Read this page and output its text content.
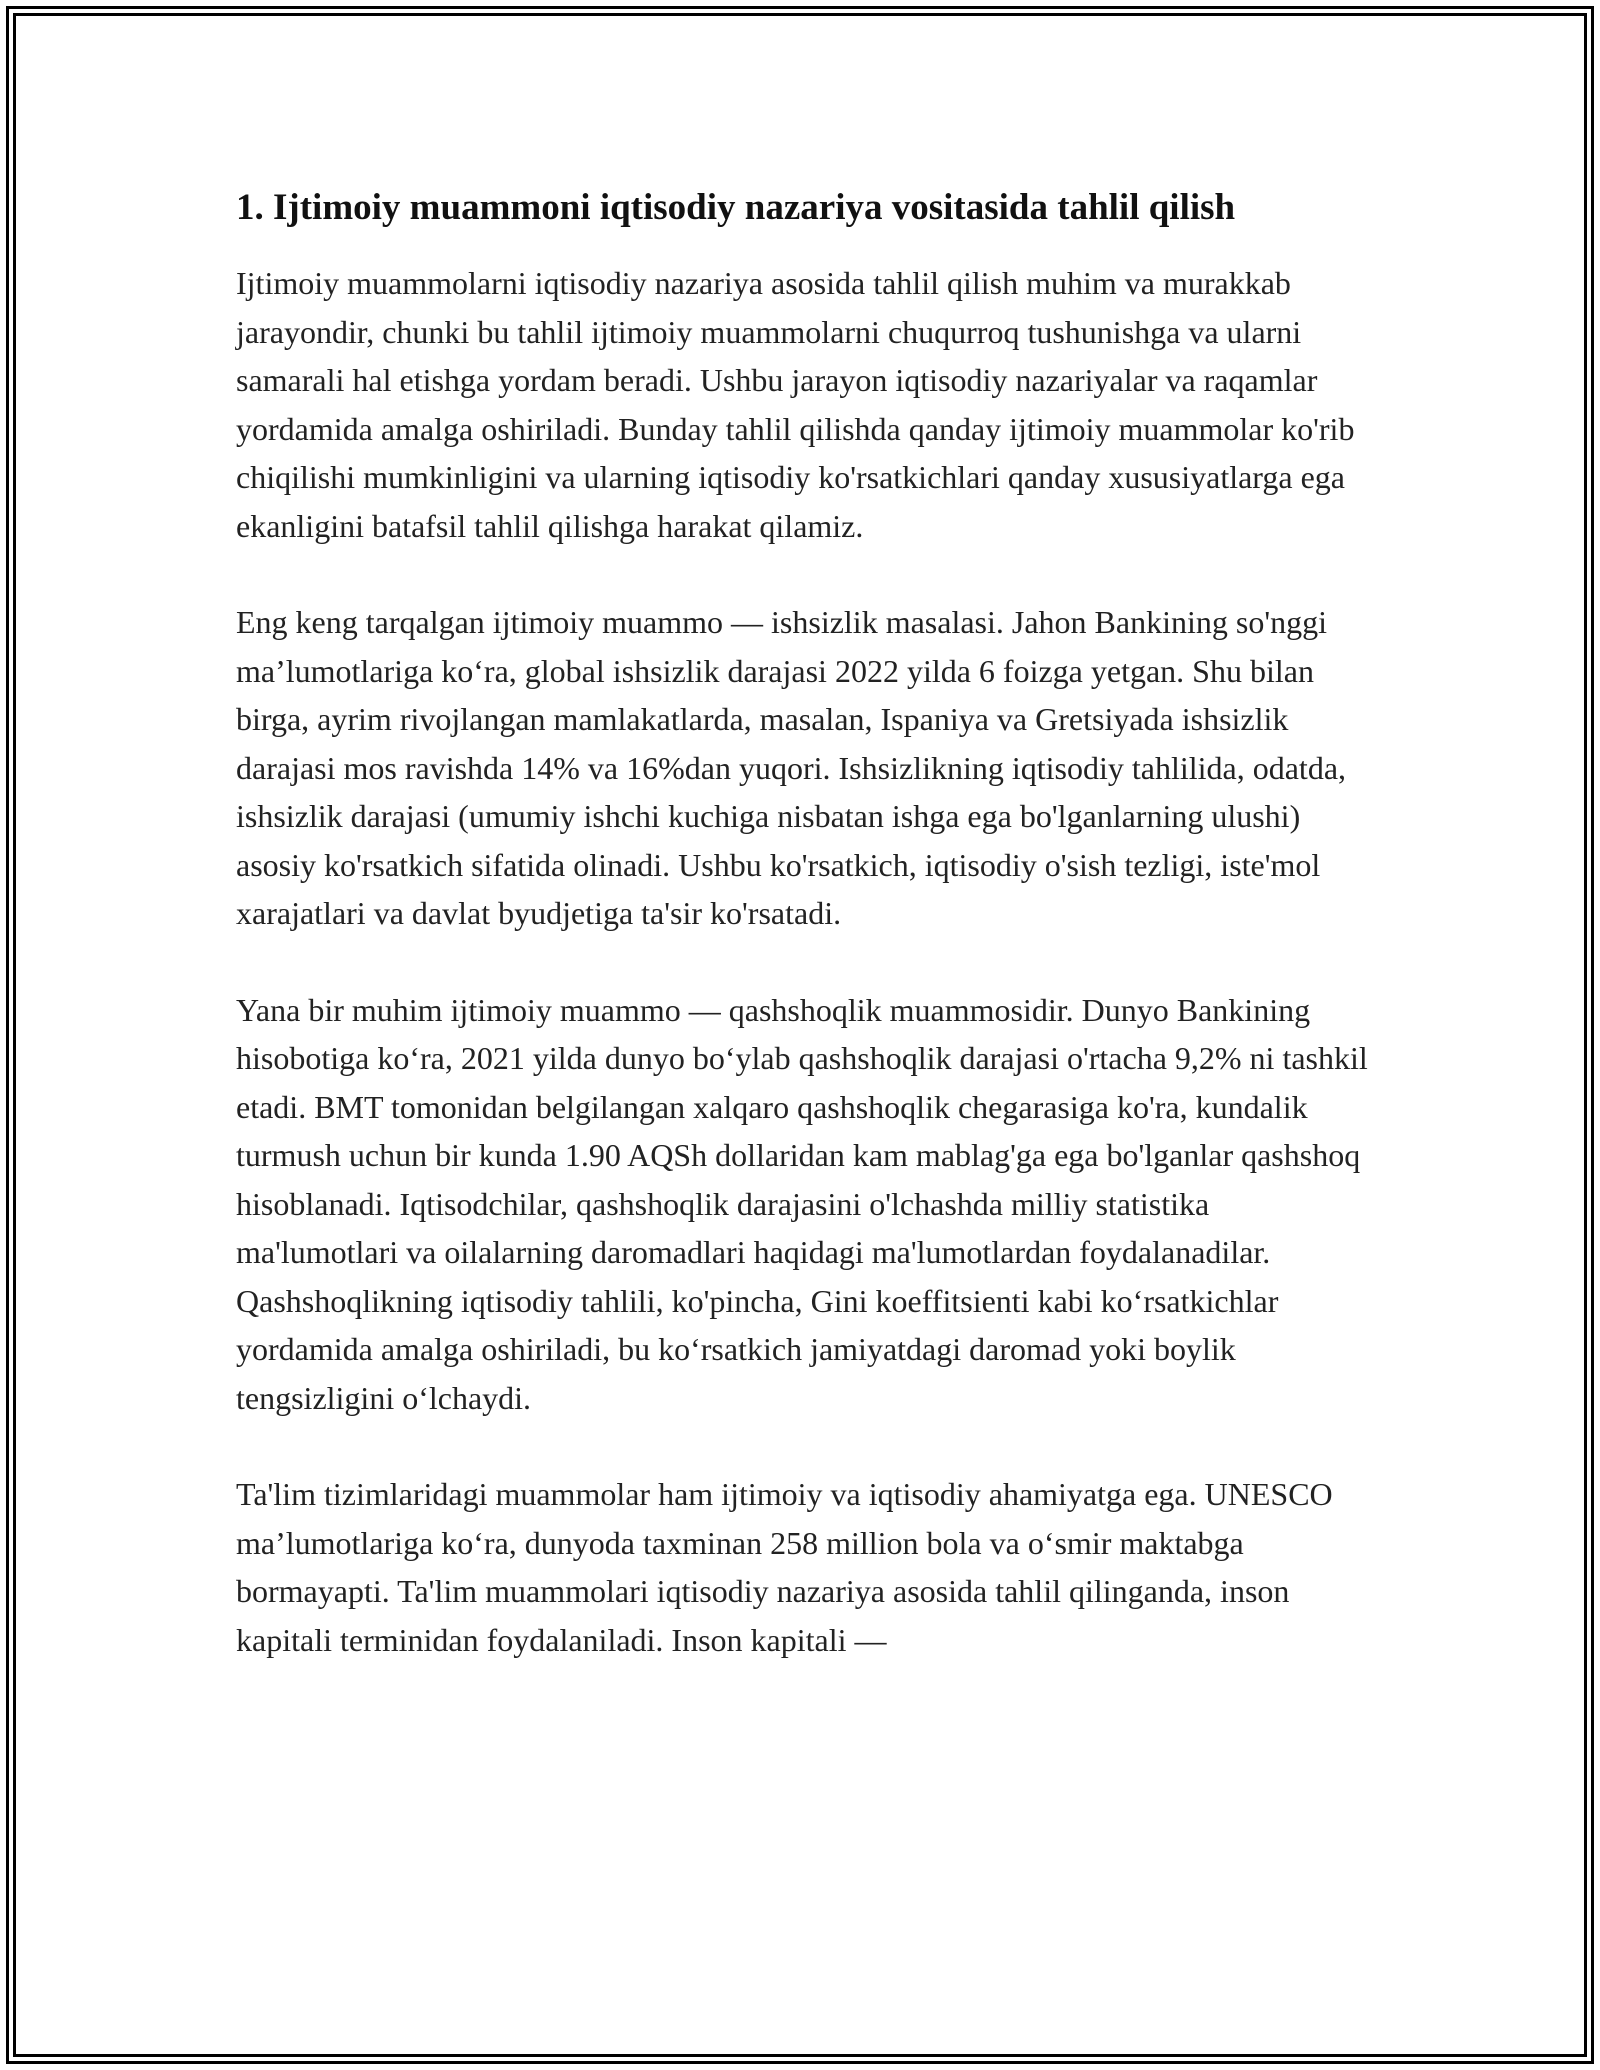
1. Ijtimoiy muammoni iqtisodiy nazariya vositasida tahlil qilish

Ijtimoiy muammolarni iqtisodiy nazariya asosida tahlil qilish muhim va murakkab jarayondir, chunki bu tahlil ijtimoiy muammolarni chuqurroq tushunishga va ularni samarali hal etishga yordam beradi. Ushbu jarayon iqtisodiy nazariyalar va raqamlar yordamida amalga oshiriladi. Bunday tahlil qilishda qanday ijtimoiy muammolar ko'rib chiqilishi mumkinligini va ularning iqtisodiy ko'rsatkichlari qanday xususiyatlarga ega ekanligini batafsil tahlil qilishga harakat qilamiz.

Eng keng tarqalgan ijtimoiy muammo — ishsizlik masalasi. Jahon Bankining so'nggi ma’lumotlariga ko‘ra, global ishsizlik darajasi 2022 yilda 6 foizga yetgan. Shu bilan birga, ayrim rivojlangan mamlakatlarda, masalan, Ispaniya va Gretsiyada ishsizlik darajasi mos ravishda 14% va 16%dan yuqori. Ishsizlikning iqtisodiy tahlilida, odatda, ishsizlik darajasi (umumiy ishchi kuchiga nisbatan ishga ega bo'lganlarning ulushi) asosiy ko'rsatkich sifatida olinadi. Ushbu ko'rsatkich, iqtisodiy o'sish tezligi, iste'mol xarajatlari va davlat byudjetiga ta'sir ko'rsatadi.

Yana bir muhim ijtimoiy muammo — qashshoqlik muammosidir. Dunyo Bankining hisobotiga ko‘ra, 2021 yilda dunyo bo‘ylab qashshoqlik darajasi o'rtacha 9,2% ni tashkil etadi. BMT tomonidan belgilangan xalqaro qashshoqlik chegarasiga ko'ra, kundalik turmush uchun bir kunda 1.90 AQSh dollaridan kam mablag'ga ega bo'lganlar qashshoq hisoblanadi. Iqtisodchilar, qashshoqlik darajasini o'lchashda milliy statistika ma'lumotlari va oilalarning daromadlari haqidagi ma'lumotlardan foydalanadilar. Qashshoqlikning iqtisodiy tahlili, ko'pincha, Gini koeffitsienti kabi ko‘rsatkichlar yordamida amalga oshiriladi, bu ko‘rsatkich jamiyatdagi daromad yoki boylik tengsizligini o‘lchaydi.

Ta'lim tizimlaridagi muammolar ham ijtimoiy va iqtisodiy ahamiyatga ega. UNESCO ma’lumotlariga ko‘ra, dunyoda taxminan 258 million bola va o‘smir maktabga bormayapti. Ta'lim muammolari iqtisodiy nazariya asosida tahlil qilinganda, inson kapitali terminidan foydalaniladi. Inson kapitali —
